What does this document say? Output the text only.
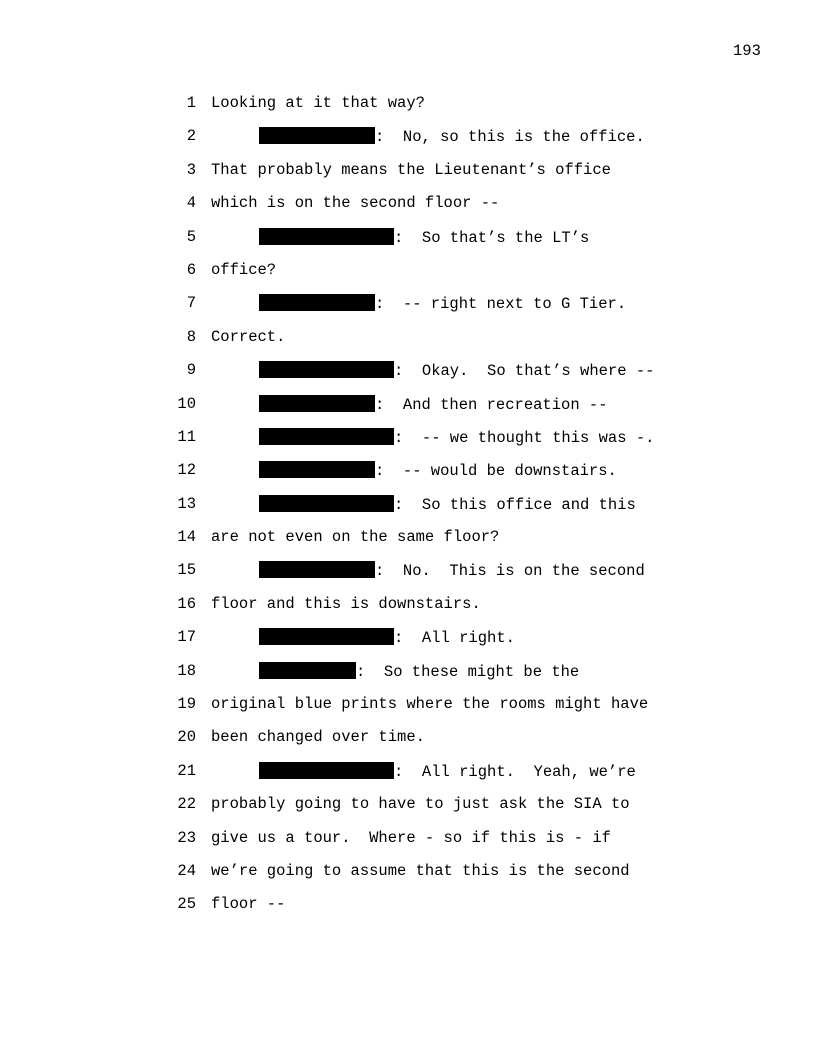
193
1 Looking at it that way?
2	:  No, so this is the office.
3 That probably means the Lieutenant’s office
4 which is on the second floor --
5	:  So that’s the LT’s
6 office?
7	:  -- right next to G Tier.
8 Correct.
9	:  Okay.  So that’s where --
10	:  And then recreation --
11	:  -- we thought this was -.
12	:  -- would be downstairs.
13	:  So this office and this
14 are not even on the same floor?
15	:  No.  This is on the second
16 floor and this is downstairs.
17	:  All right.
18	:  So these might be the
19 original blue prints where the rooms might have
20 been changed over time.
21	:  All right.  Yeah, we’re
22 probably going to have to just ask the SIA to
23 give us a tour.  Where - so if this is - if
24 we’re going to assume that this is the second
25 floor --
